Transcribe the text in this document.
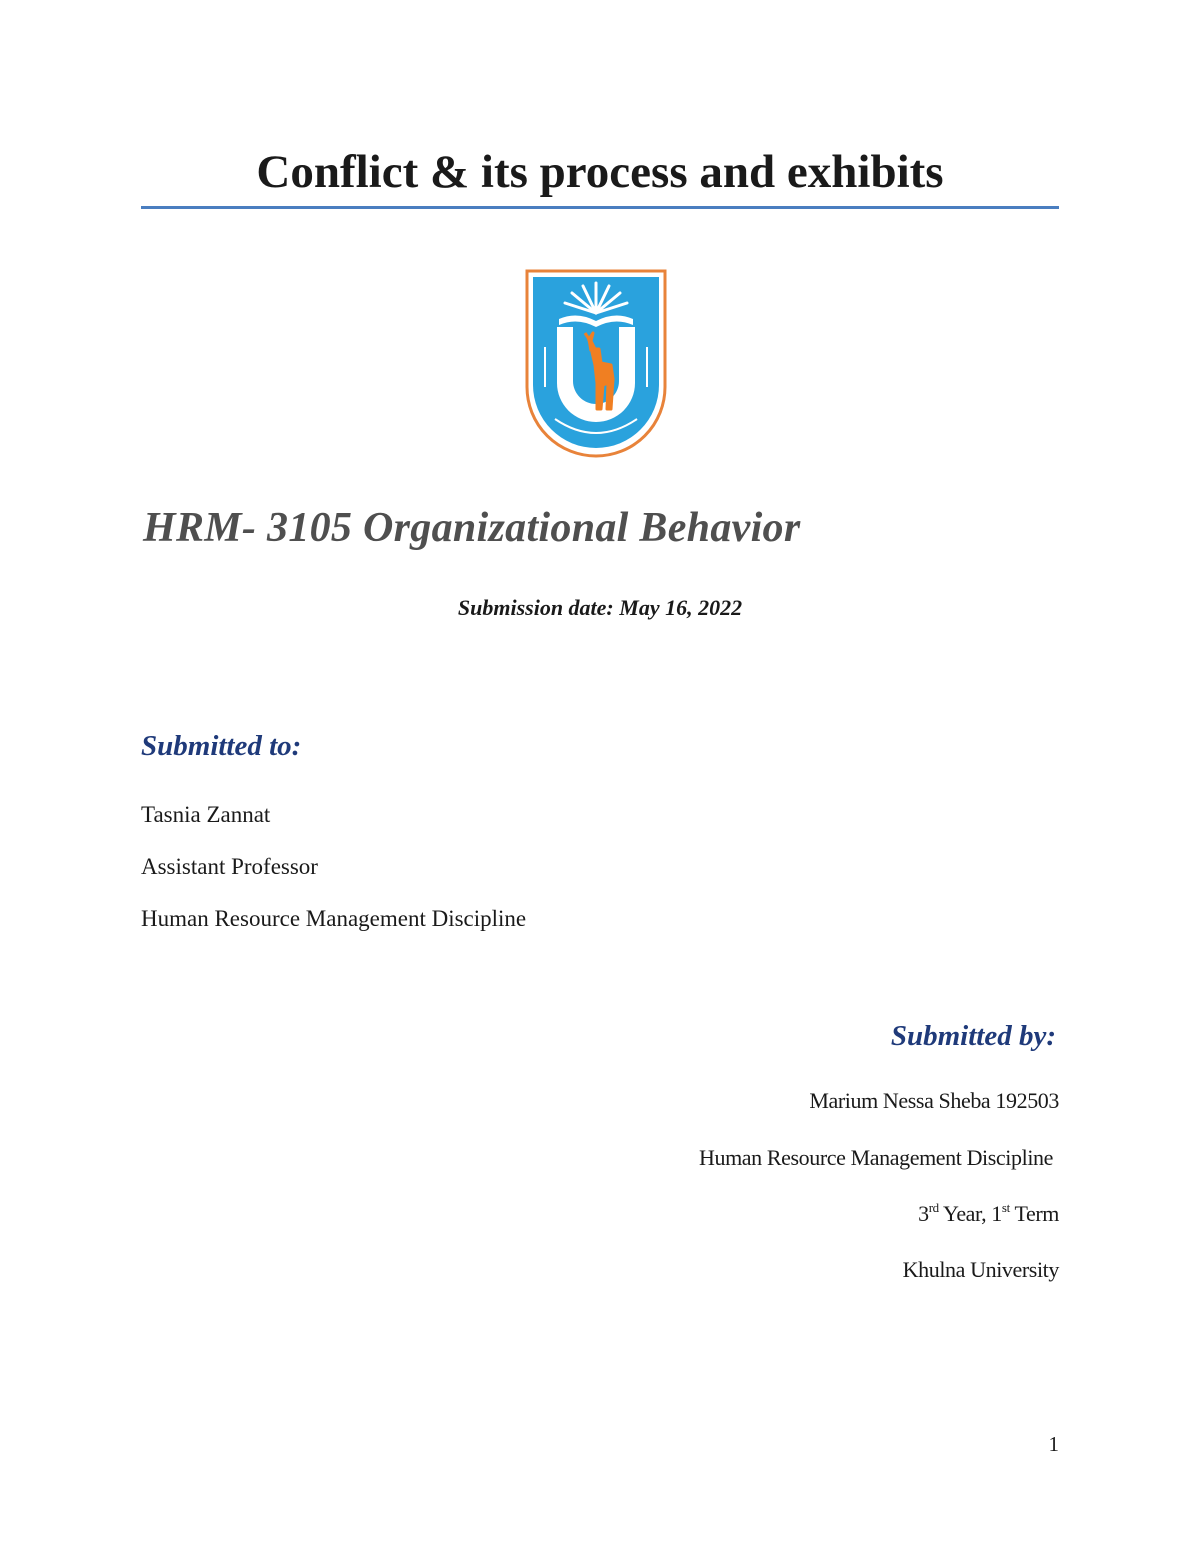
Conflict & its process and exhibits
HRM- 3105 Organizational Behavior
Submission date: May 16, 2022
Submitted to:
Tasnia Zannat
Assistant Professor
Human Resource Management Discipline
Submitted by:
Marium Nessa Sheba 192503
Human Resource Management Discipline
3rd Year, 1st Term
Khulna University
1
